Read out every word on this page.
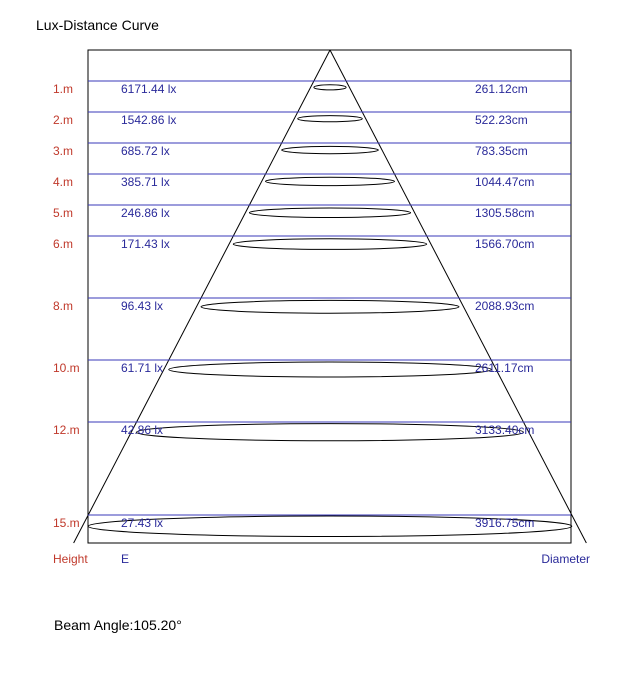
Lux-Distance Curve
1.m	6171.44 lx	261.12cm
2.m	1542.86 lx	522.23cm
3.m	685.72 lx	783.35cm
4.m	385.71 lx	1044.47cm
5.m	246.86 lx	1305.58cm
6.m	171.43 lx	1566.70cm
8.m	96.43 lx	2088.93cm
10.m	61.71 lx	2611.17cm
12.m	42.86 lx	3133.40cm
15.m	27.43 lx	3916.75cm
Height	E	Diameter
Beam Angle:105.20°
